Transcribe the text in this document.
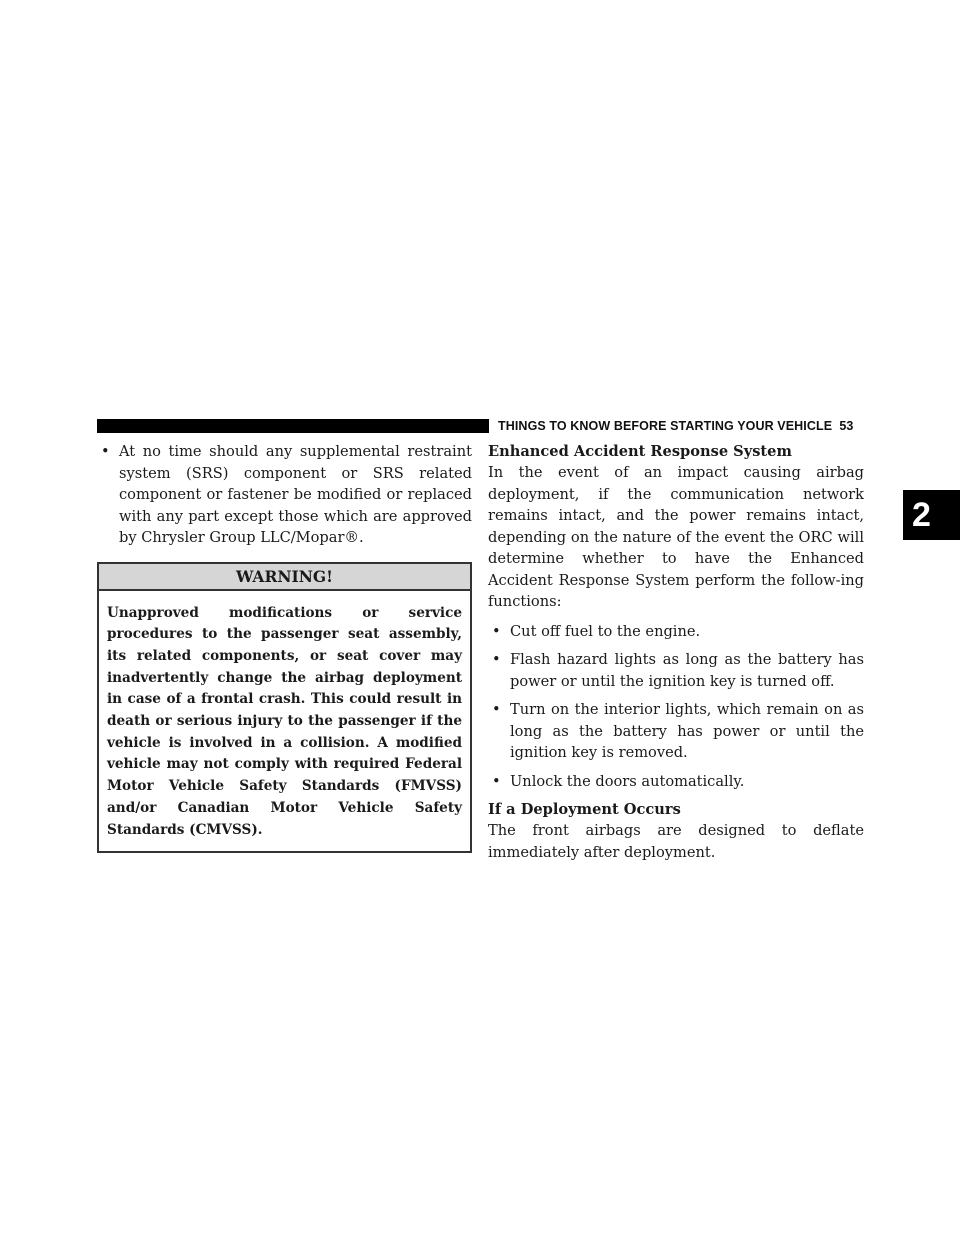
THINGS TO KNOW BEFORE STARTING YOUR VEHICLE 53
2
• At no time should any supplemental restraint system (SRS) component or SRS related component or fastener be modified or replaced with any part except those which are approved by Chrysler Group LLC/Mopar®.
WARNING!
Unapproved modifications or service procedures to the passenger seat assembly, its related components, or seat cover may inadvertently change the airbag deployment in case of a frontal crash. This could result in death or serious injury to the passenger if the vehicle is involved in a collision. A modified vehicle may not comply with required Federal Motor Vehicle Safety Standards (FMVSS) and/or Canadian Motor Vehicle Safety Standards (CMVSS).
Enhanced Accident Response System
In the event of an impact causing airbag deployment, if the communication network remains intact, and the power remains intact, depending on the nature of the event the ORC will determine whether to have the Enhanced Accident Response System perform the follow-ing functions:
• Cut off fuel to the engine.
• Flash hazard lights as long as the battery has power or until the ignition key is turned off.
• Turn on the interior lights, which remain on as long as the battery has power or until the ignition key is removed.
• Unlock the doors automatically.
If a Deployment Occurs
The front airbags are designed to deflate immediately after deployment.
